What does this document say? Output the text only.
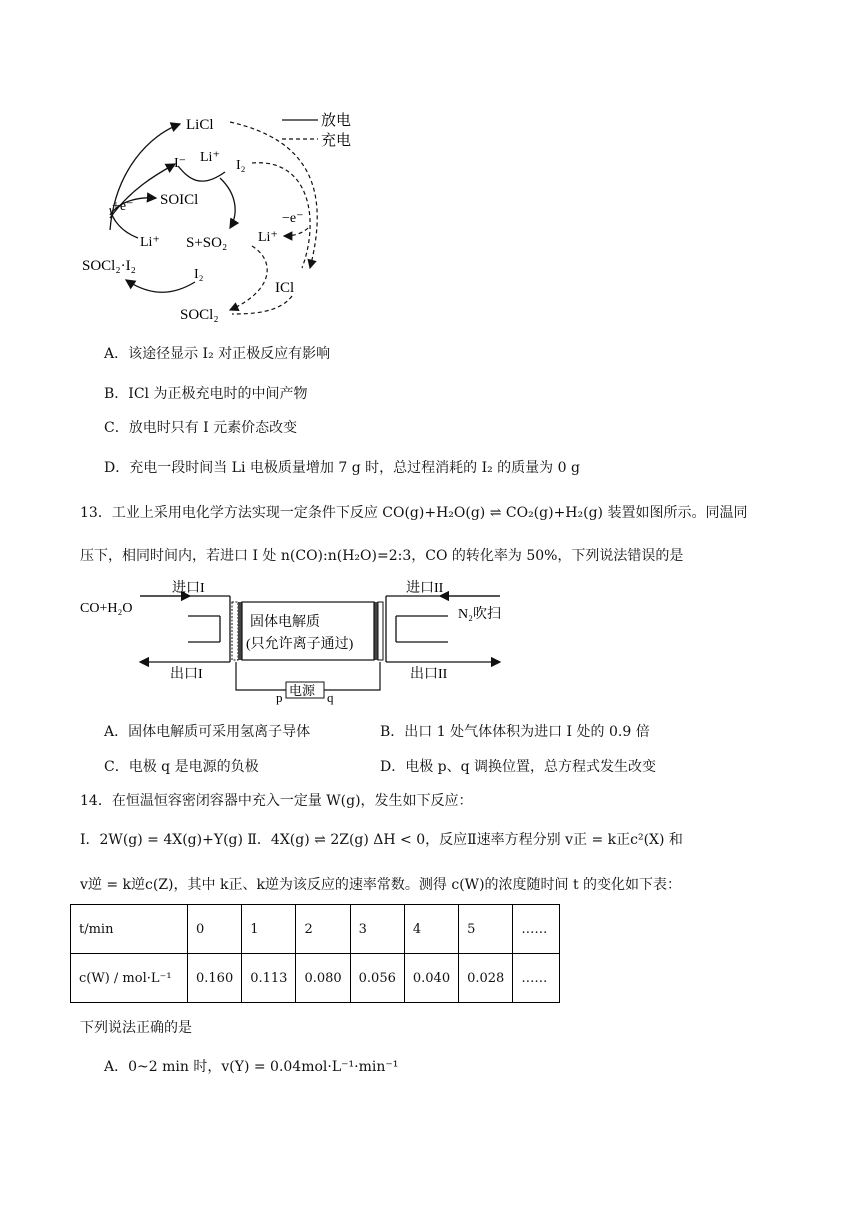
放电
充电
LiCl
I⁻ Li⁺
I₂
+e⁻ SOICl
−e⁻
Li⁺
Li⁺ S+SO₂
SOCl₂·I₂
I₂
ICl
SOCl₂
A．该途径显示 I₂ 对正极反应有影响
B．ICl 为正极充电时的中间产物
C．放电时只有 I 元素价态改变
D．充电一段时间当 Li 电极质量增加 7 g 时，总过程消耗的 I₂ 的质量为 0 g
13．工业上采用电化学方法实现一定条件下反应 CO(g)+H₂O(g) ⇌ CO₂(g)+H₂(g) 装置如图所示。同温同
压下，相同时间内，若进口 I 处 n(CO):n(H₂O)=2:3，CO 的转化率为 50%，下列说法错误的是
固体电解质
(只允许离子通过)
电源
p	q
进口I
CO+H₂O
出口I
进口II
N₂吹扫
出口II
A．固体电解质可采用氢离子导体	B．出口 1 处气体体积为进口 I 处的 0.9 倍
C．电极 q 是电源的负极	D．电极 p、q 调换位置，总方程式发生改变
14．在恒温恒容密闭容器中充入一定量 W(g)，发生如下反应：
Ⅰ．2W(g) = 4X(g)+Y(g) Ⅱ．4X(g) ⇌ 2Z(g) ΔH < 0，反应Ⅱ速率方程分别 v正 = k正c²(X) 和
v逆 = k逆c(Z)，其中 k正、k逆为该反应的速率常数。测得 c(W)的浓度随时间 t 的变化如下表：
t/min	0	1	2	3	4	5	……
c(W) / mol·L⁻¹	0.160	0.113	0.080	0.056	0.040	0.028	……
下列说法正确的是
A．0~2 min 时，v(Y) = 0.04mol·L⁻¹·min⁻¹
